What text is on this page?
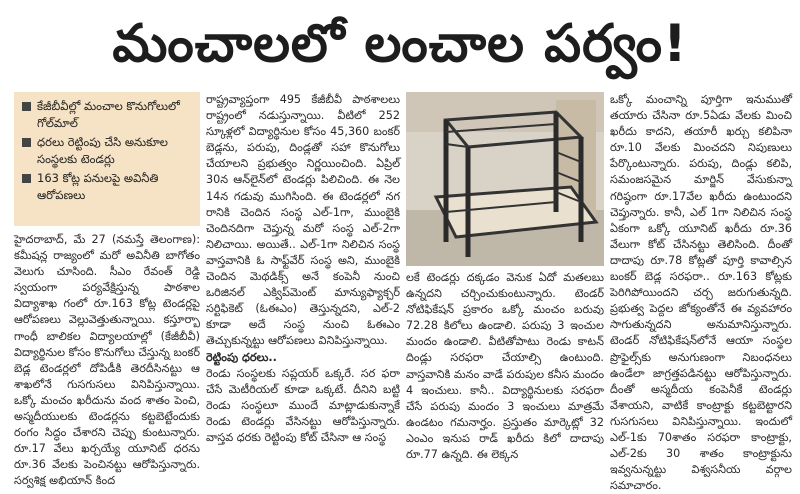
మంచాలలో లంచాల పర్వం!
కేజీబీవీల్లో మంచాల కొనుగోలులో గోల్‌మాల్
ధరలు రెట్టింపు చేసి అనుకూల సంస్థలకు టెండర్లు
163 కోట్ల పనులపై అవినీతి ఆరోపణలు

హైదరాబాద్‌, మే 27 (నమస్తే తెలంగాణ): కమీషన్ల రాజ్యంలో మరో అవినీతి బాగోతం వెలుగు చూసింది. సీఎం రేవంత్‌ రెడ్డి స్వయంగా పర్యవేక్షిస్తున్న పాఠశాల విద్యాశాఖ గంలో రూ.163 కోట్ల టెండర్లపై ఆరోపణలు వెల్లువెత్తుతున్నాయి. కస్తూర్బా గాంధీ బాలికల విద్యాలయాల్లో (కేజీబీవీ) విద్యార్థినుల కోసం కొనుగోలు చేస్తున్న బంకర్‌ బెడ్ల టెండర్లలో దోపిడీకి తెరదీసినట్టు ఆ శాఖలోనే గుసగుసలు వినిపిస్తున్నాయి. ఒక్కో మంచం ఖరీదును వంద శాతం పెంచి, అస్మదీయులకు టెండర్లను కట్టబెట్టేందుకు రంగం సిద్ధం చేశారని చెప్పు కుంటున్నారు. రూ.17 వేలు ఖర్చయ్యే యూనిట్‌ ధరను రూ.36 వేలకు పెంచినట్టు ఆరోపిస్తున్నారు. సర్వశిక్ష అభియాన్‌ కింద

రాష్ట్రవ్యాప్తంగా 495 కేజీబీవీ పాఠశాలలు రాష్ట్రంలో నడుస్తున్నాయి. వీటిలో 252 స్కూళ్లలో విద్యార్థినుల కోసం 45,360 బంకర్‌ బెడ్లను, పరుపు, దిండ్లతో సహా కొనుగోలు చేయాలని ప్రభుత్వం నిర్ణయించింది. ఏప్రిల్‌ 30న ఆన్‌లైన్‌లో టెండర్లు పిలిచింది. ఈ నెల 14న గడువు ముగిసింది. ఈ టెండర్లలో నగ రానికి చెందిన సంస్థ ఎల్‌-1గా, ముంబైకి చెందినదిగా చెప్తున్న మరో సంస్థ ఎల్‌-2గా నిలిచాయి. అయితే.. ఎల్‌-1గా నిలిచిన సంస్థ వాస్తవానికి ఓ సాఫ్ట్‌వేర్‌ సంస్థ అని, ముంబైకి చెందిన మెథడిక్స్‌ అనే కంపెనీ నుంచి ఒరిజినల్‌ ఎక్విప్‌మెంట్‌ మాన్యుఫ్యాక్చర్‌ సర్టిఫికెట్‌ (ఓఈఎం) తెస్తున్నదని, ఎల్‌-2 కూడా అదే సంస్థ నుంచి ఓఈఎం తెచ్చుకున్నట్టు ఆరోపణలు వినిపిస్తున్నాయి.

రెట్టింపు ధరలు..

రెండు సంస్థలకు సప్లయర్‌ ఒక్కరే. సర ఫరా చేసే మెటీరియల్‌ కూడా ఒక్కటే. దీనిని బట్టి రెండు సంస్థలూ ముందే మాట్లాడుకున్నాకే రెండు టెండర్లు వేసినట్టు ఆరోపిస్తున్నారు. వాస్తవ ధరకు రెట్టింపు కోట్‌ చేసినా ఆ సంస్థ

లకే టెండర్లు దక్కడం వెనుక ఏదో మతలబు ఉన్నదని చర్చించుకుంటున్నారు. టెండర్‌ నోటిఫికేషన్‌ ప్రకారం ఒక్కో మంచం బరువు 72.28 కిలోలు ఉండాలి. పరుపు 3 ఇంచుల మందం ఉండాలి. వీటితోపాటు రెండు కాటన్‌ దిండ్లు సరఫరా చేయాల్సి ఉంటుంది. వాస్తవానికి మనం వాడే పరుపుల కనీస మందం 4 ఇంచులు. కానీ.. విద్యార్థినులకు సరఫరా చేసే పరుపు మందం 3 ఇంచులు మాత్రమే ఉండటం గమనార్హం. ప్రస్తుతం మార్కెట్లో 32 ఎంఎం ఇనుప రాడ్‌ ఖరీదు కిలో దాదాపు రూ.77 ఉన్నది. ఈ లెక్కన

ఒక్కో మంచాన్ని పూర్తిగా ఇనుముతో తయారు చేసినా రూ.5ఏడు వేలకు మించి ఖరీదు కాదని, తయారీ ఖర్చు కలిపినా రూ.10 వేలకు మించదని నిపుణులు పేర్కొంటున్నారు. పరుపు, దిండ్లు కలిపి, సమంజసమైన మార్జిన్‌ వేసుకున్నా గరిష్ఠంగా రూ.17వేల ఖరీదు ఉంటుందని చెప్తున్నారు. కానీ, ఎల్‌ 1గా నిలిచిన సంస్థ ఏకంగా ఒక్కో యూనిట్‌ ఖరీదు రూ.36 వేలుగా కోట్‌ చేసినట్టు తెలిసింది. దీంతో దాదాపు రూ.78 కోట్లతో పూర్తి కావాల్సిన బంకర్‌ బెడ్ల సరఫరా.. రూ.163 కోట్లకు పెరిగిపోయిందని చర్చ జరుగుతున్నది. ప్రభుత్వ పెద్దల జోక్యంతోనే ఈ వ్యవహారం సాగుతున్నదని అనుమానిస్తున్నారు. టెండర్‌ నోటిఫికేషన్‌లోనే ఆయా సంస్థల ప్రొఫైల్స్‌కు అనుగుణంగా నిబంధనలు ఉండేలా జాగ్రత్తపడినట్టు ఆరోపిస్తున్నారు. దీంతో అస్మదీయ కంపెనీకే టెండర్లు వేశాయని, వాటికే కాంట్రాక్టు కట్టబెట్టారని గుసగుసలు వినిపిస్తున్నాయి. ఇందులో ఎల్‌-1కు 70శాతం సరఫరా కాంట్రాక్టు, ఎల్‌-2కు 30 శాతం కాంట్రాక్టును ఇవ్వనున్నట్టు విశ్వసనీయ వర్గాల సమాచారం.
